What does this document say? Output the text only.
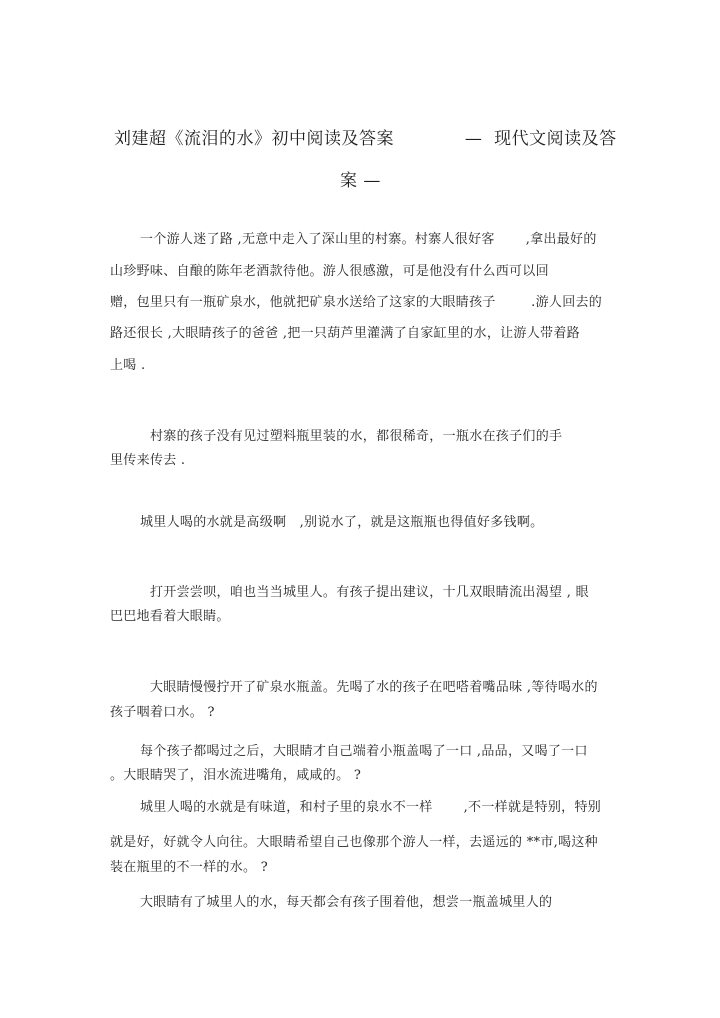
刘建超《流泪的水》初中阅读及答案            —  现代文阅读及答
案 —
一个游人迷了路 ,无意中走入了深山里的村寨。村寨人很好客       ,拿出最好的
山珍野味、自酿的陈年老酒款待他。游人很感激，可是他没有什么西可以回
赠，包里只有一瓶矿泉水，他就把矿泉水送给了这家的大眼睛孩子        .游人回去的
路还很长 ,大眼睛孩子的爸爸 ,把一只葫芦里灌满了自家缸里的水，让游人带着路
上喝 .
村寨的孩子没有见过塑料瓶里装的水，都很稀奇，一瓶水在孩子们的手
里传来传去 .
城里人喝的水就是高级啊   ,别说水了，就是这瓶瓶也得值好多钱啊。
打开尝尝呗，咱也当当城里人。有孩子提出建议，十几双眼睛流出渴望 , 眼
巴巴地看着大眼睛。
大眼睛慢慢拧开了矿泉水瓶盖。先喝了水的孩子在吧嗒着嘴品味 ,等待喝水的
孩子咽着口水。 ?
每个孩子都喝过之后，大眼睛才自己端着小瓶盖喝了一口 ,品品，又喝了一口
。大眼睛哭了，泪水流进嘴角，咸咸的。 ?
城里人喝的水就是有味道，和村子里的泉水不一样       ,不一样就是特别，特别
就是好，好就令人向往。大眼睛希望自己也像那个游人一样，去遥远的 **市,喝这种
装在瓶里的不一样的水。 ?
大眼睛有了城里人的水，每天都会有孩子围着他，想尝一瓶盖城里人的
